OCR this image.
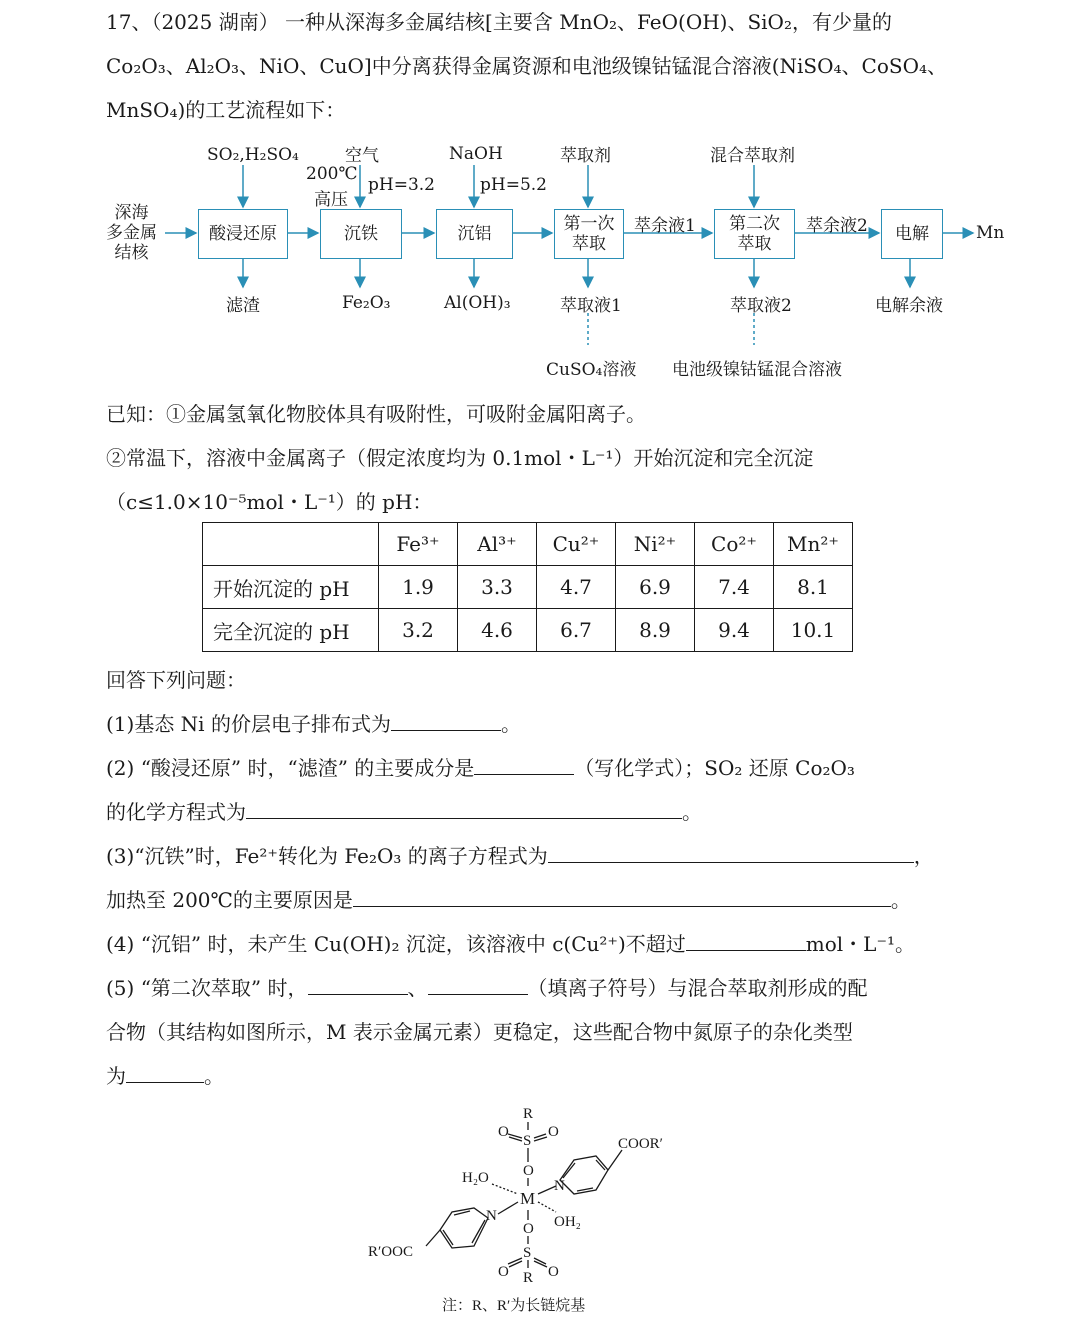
17、（2025 湖南） 一种从深海多金属结核[主要含 MnO₂、FeO(OH)、SiO₂，有少量的
Co₂O₃、Al₂O₃、NiO、CuO]中分离获得金属资源和电池级镍钴锰混合溶液(NiSO₄、CoSO₄、
MnSO₄)的工艺流程如下：
深海
多金属
结核
酸浸还原	沉铁	沉铝	第一次
萃取
第二次
萃取	电解
SO₂,H₂SO₄	空气
200℃
高压
pH=3.2
NaOH
pH=5.2
萃取剂	混合萃取剂
萃余液1	萃余液2	Mn
滤渣	Fe₂O₃	Al(OH)₃	萃取液1	萃取液2	电解余液
CuSO₄溶液 电池级镍钴锰混合溶液
已知：①金属氢氧化物胶体具有吸附性，可吸附金属阳离子。
②常温下，溶液中金属离子（假定浓度均为 0.1mol・L⁻¹）开始沉淀和完全沉淀
（c≤1.0×10⁻⁵mol・L⁻¹）的 pH：
	Fe³⁺	Al³⁺	Cu²⁺	Ni²⁺	Co²⁺	Mn²⁺
开始沉淀的 pH	1.9	3.3	4.7	6.9	7.4	8.1
完全沉淀的 pH	3.2	4.6	6.7	8.9	9.4	10.1
回答下列问题：
(1)基态 Ni 的价层电子排布式为	。
(2) “酸浸还原” 时，“滤渣” 的主要成分是	（写化学式）；SO₂ 还原 Co₂O₃
的化学方程式为	。
(3)“沉铁”时，Fe²⁺转化为 Fe₂O₃ 的离子方程式为	，
加热至 200℃的主要原因是	。
(4) “沉铝” 时，未产生 Cu(OH)₂ 沉淀，该溶液中 c(Cu²⁺)不超过	mol・L⁻¹。
(5) “第二次萃取” 时，	、	（填离子符号）与混合萃取剂形成的配
合物（其结构如图所示，M 表示金属元素）更稳定，这些配合物中氮原子的杂化类型
为	。
R
O	O
S
O
M
O
S
O	O
R
N
N
H₂O
OH₂
COOR′
R′OOC
注：R、R′为长链烷基
